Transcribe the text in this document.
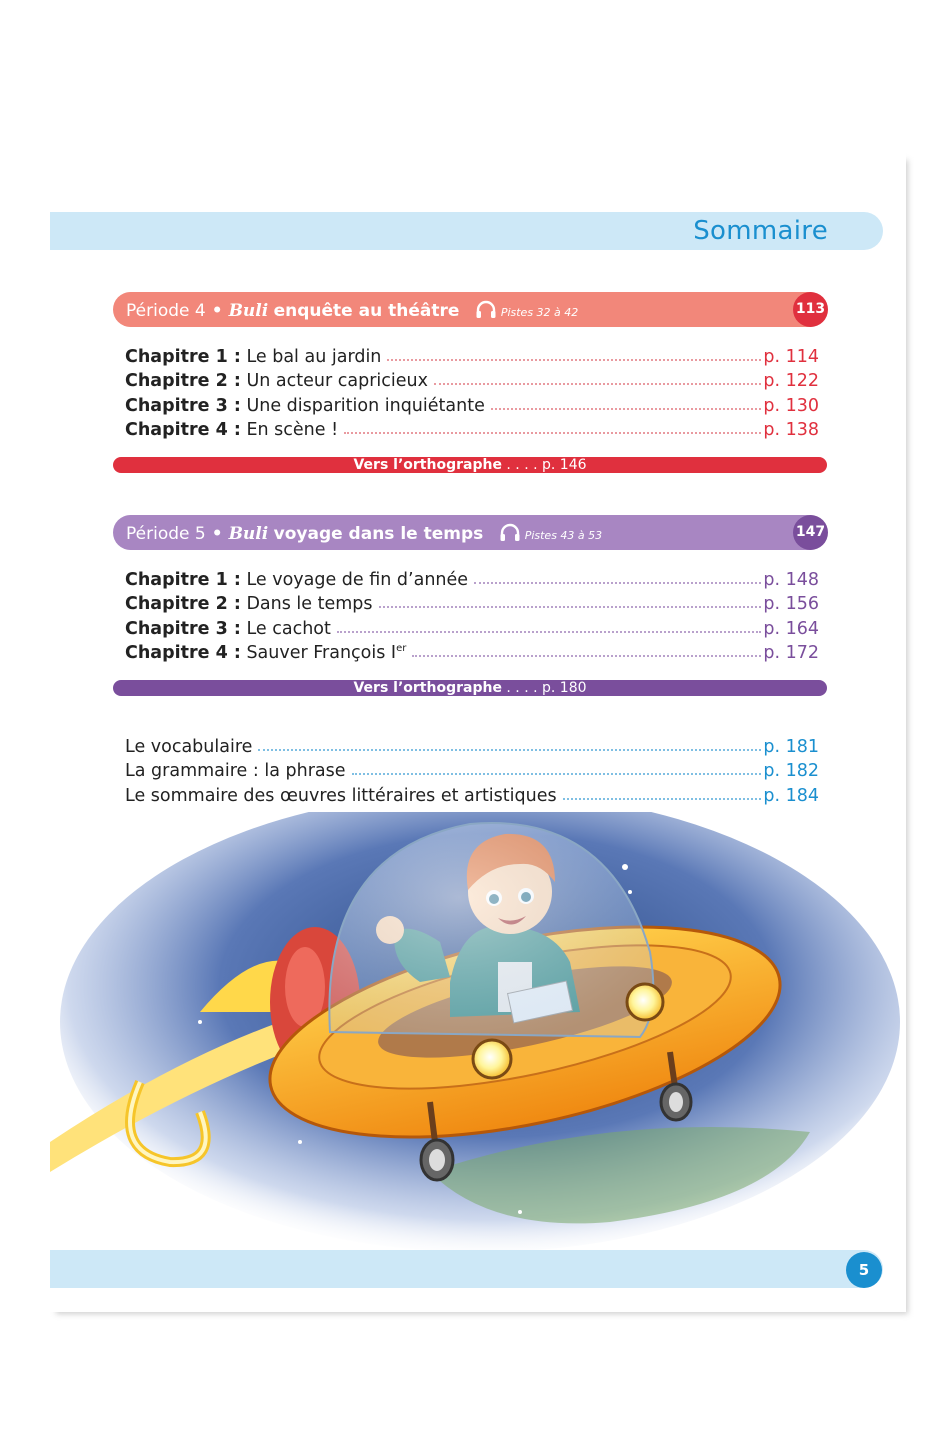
Sommaire
Période 4 • Buli enquête au théâtre	Pistes 32 à 42	113
Chapitre 1 : Le bal au jardin	p. 114
Chapitre 2 : Un acteur capricieux	p. 122
Chapitre 3 : Une disparition inquiétante	p. 130
Chapitre 4 : En scène !	p. 138
Vers l’orthographe . . . . p. 146
Période 5 • Buli voyage dans le temps	Pistes 43 à 53	147
Chapitre 1 : Le voyage de fin d’année	p. 148
Chapitre 2 : Dans le temps	p. 156
Chapitre 3 : Le cachot	p. 164
Chapitre 4 : Sauver François Ier	p. 172
Vers l’orthographe . . . . p. 180
Le vocabulaire	p. 181
La grammaire : la phrase	p. 182
Le sommaire des œuvres littéraires et artistiques	p. 184
5
